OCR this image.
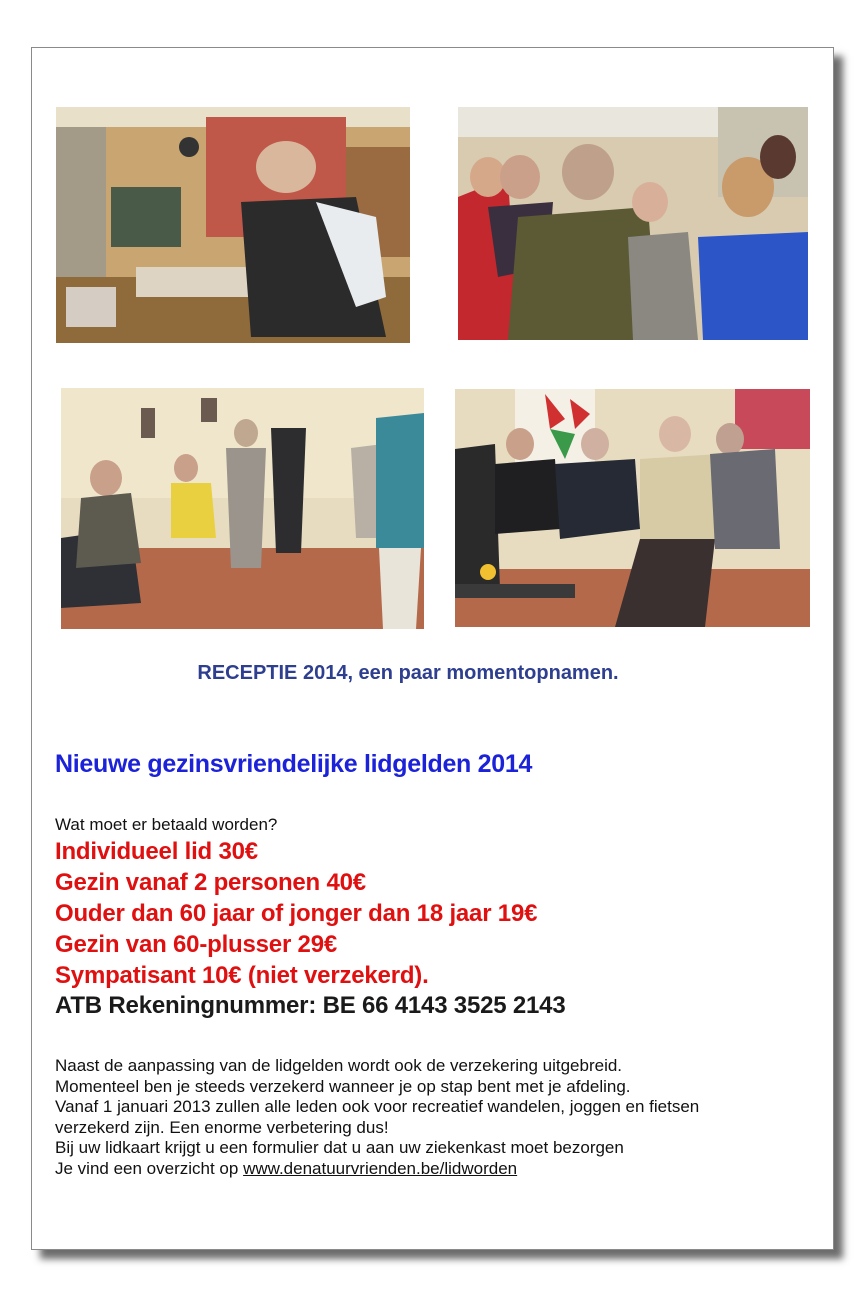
RECEPTIE 2014, een paar momentopnamen.
Nieuwe gezinsvriendelijke lidgelden 2014
Wat moet er betaald worden?
Individueel lid 30€
Gezin vanaf 2 personen 40€
Ouder dan 60 jaar of jonger dan 18 jaar 19€
Gezin van 60-plusser 29€
Sympatisant 10€ (niet verzekerd).
ATB Rekeningnummer: BE 66 4143 3525 2143
Naast de aanpassing van de lidgelden wordt ook de verzekering uitgebreid.
Momenteel ben je steeds verzekerd wanneer je op stap bent met je afdeling.
Vanaf 1 januari 2013 zullen alle leden ook voor recreatief wandelen, joggen en fietsen
verzekerd zijn. Een enorme verbetering dus!
Bij uw lidkaart krijgt u een formulier dat u aan uw ziekenkast moet bezorgen
Je vind een overzicht op www.denatuurvrienden.be/lidworden
